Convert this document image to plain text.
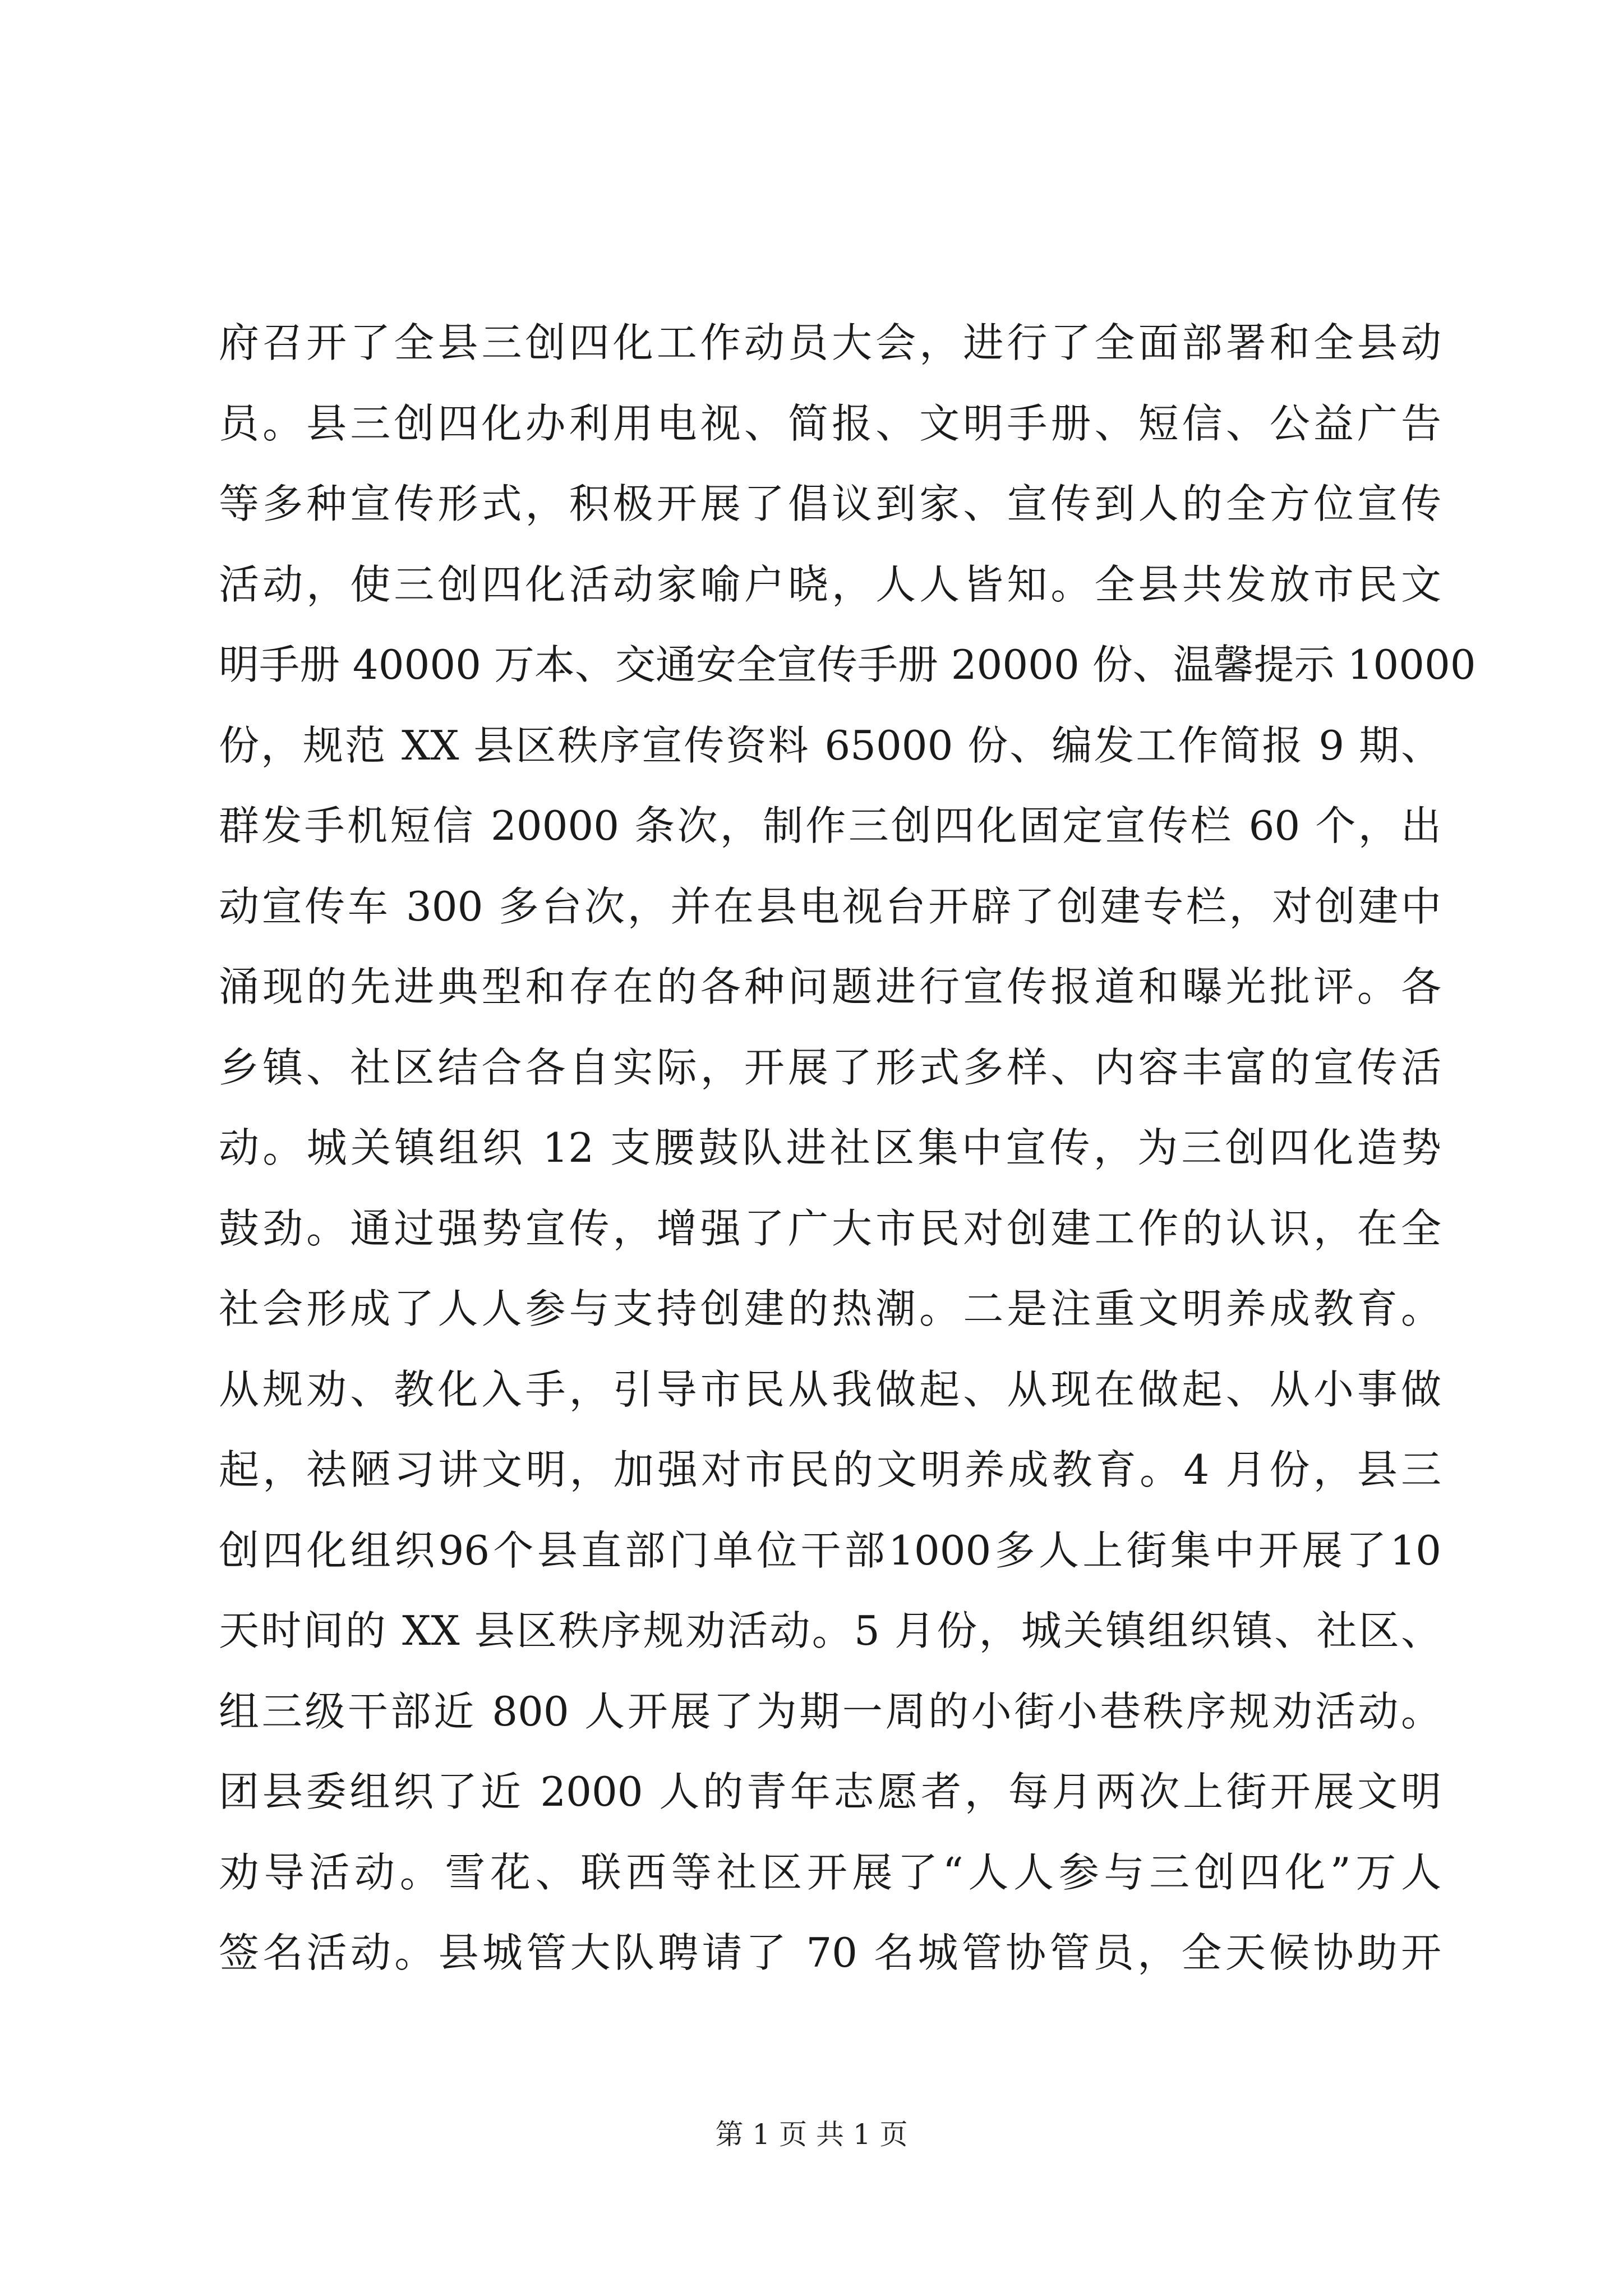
府召开了全县三创四化工作动员大会，进行了全面部署和全县动
员。县三创四化办利用电视、简报、文明手册、短信、公益广告
等多种宣传形式，积极开展了倡议到家、宣传到人的全方位宣传
活动，使三创四化活动家喻户晓，人人皆知。全县共发放市民文
明手册 40000 万本、交通安全宣传手册 20000 份、温馨提示 10000
份，规范 XX 县区秩序宣传资料 65000 份、编发工作简报 9 期、
群发手机短信 20000 条次，制作三创四化固定宣传栏 60 个，出
动宣传车 300 多台次，并在县电视台开辟了创建专栏，对创建中
涌现的先进典型和存在的各种问题进行宣传报道和曝光批评。各
乡镇、社区结合各自实际，开展了形式多样、内容丰富的宣传活
动。城关镇组织 12 支腰鼓队进社区集中宣传，为三创四化造势
鼓劲。通过强势宣传，增强了广大市民对创建工作的认识，在全
社会形成了人人参与支持创建的热潮。二是注重文明养成教育。
从规劝、教化入手，引导市民从我做起、从现在做起、从小事做
起，祛陋习讲文明，加强对市民的文明养成教育。4 月份，县三
创四化组织96个县直部门单位干部1000多人上街集中开展了10
天时间的 XX 县区秩序规劝活动。5 月份，城关镇组织镇、社区、
组三级干部近 800 人开展了为期一周的小街小巷秩序规劝活动。
团县委组织了近 2000 人的青年志愿者，每月两次上街开展文明
劝导活动。雪花、联西等社区开展了“人人参与三创四化”万人
签名活动。县城管大队聘请了 70 名城管协管员，全天候协助开
第 1 页 共 1 页
